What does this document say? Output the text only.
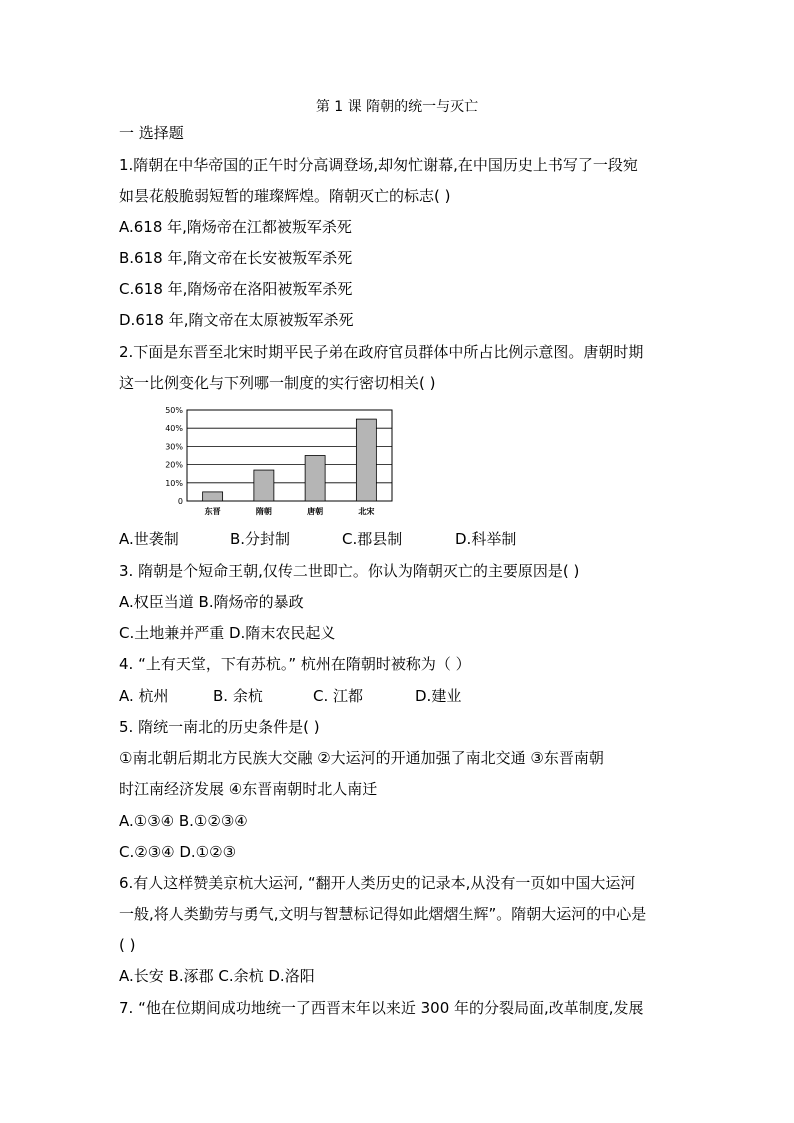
第 1 课 隋朝的统一与灭亡
一 选择题
1.隋朝在中华帝国的正午时分高调登场,却匆忙谢幕,在中国历史上书写了一段宛
如昙花般脆弱短暂的璀璨辉煌。隋朝灭亡的标志( )
A.618 年,隋炀帝在江都被叛军杀死
B.618 年,隋文帝在长安被叛军杀死
C.618 年,隋炀帝在洛阳被叛军杀死
D.618 年,隋文帝在太原被叛军杀死
2.下面是东晋至北宋时期平民子弟在政府官员群体中所占比例示意图。唐朝时期
这一比例变化与下列哪一制度的实行密切相关( )
0
10%
20%
30%
40%
50%
东晋	隋朝	唐朝	北宋
A.世袭制	B.分封制	C.郡县制	D.科举制
3. 隋朝是个短命王朝,仅传二世即亡。你认为隋朝灭亡的主要原因是( )
A.权臣当道 B.隋炀帝的暴政
C.土地兼并严重 D.隋末农民起义
4. “上有天堂，下有苏杭。” 杭州在隋朝时被称为（ ）
A. 杭州	B. 余杭	C. 江都	D.建业
5. 隋统一南北的历史条件是( )
①南北朝后期北方民族大交融 ②大运河的开通加强了南北交通 ③东晋南朝
时江南经济发展 ④东晋南朝时北人南迁
A.①③④ B.①②③④
C.②③④ D.①②③
6.有人这样赞美京杭大运河, “翻开人类历史的记录本,从没有一页如中国大运河
一般,将人类勤劳与勇气,文明与智慧标记得如此熠熠生辉”。隋朝大运河的中心是
( )
A.长安 B.涿郡 C.余杭 D.洛阳
7. “他在位期间成功地统一了西晋末年以来近 300 年的分裂局面,改革制度,发展
